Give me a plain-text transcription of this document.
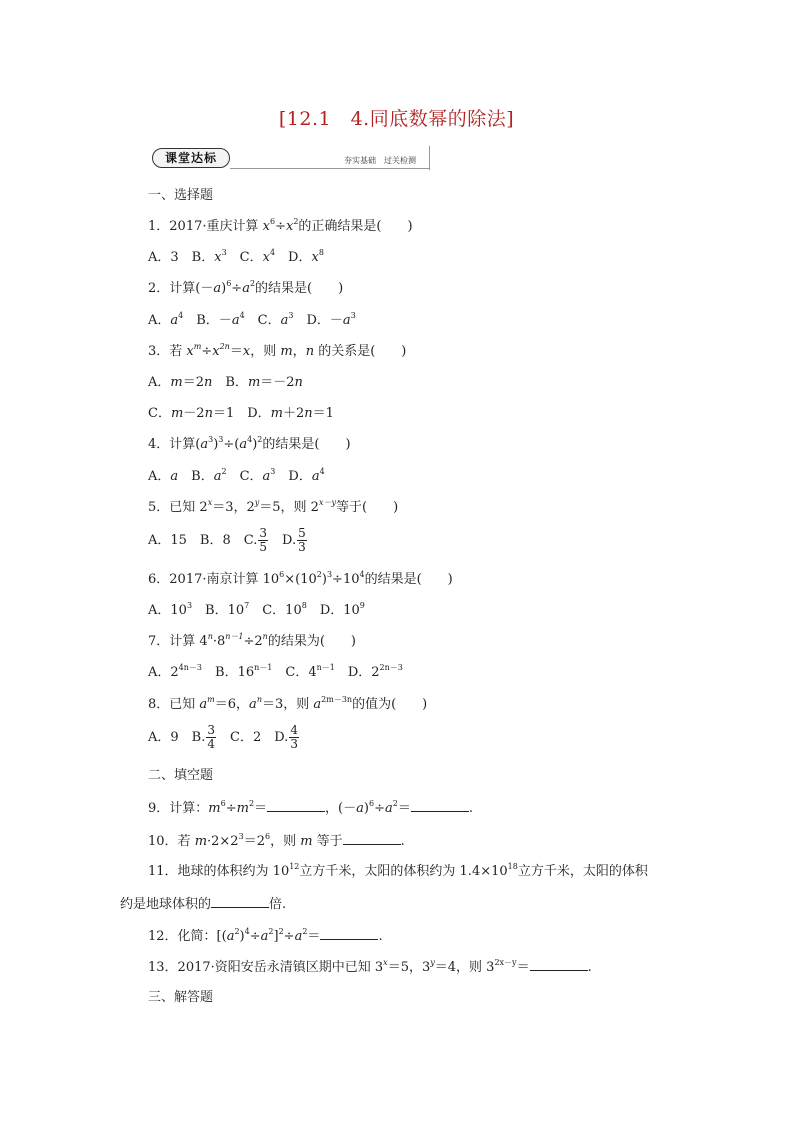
[12.1　4.同底数幂的除法]
课堂达标	夯实基础　过关检测
一、选择题
1．2017·重庆计算 $x^6\div x^2$的正确结果是(　　)
A．3　B．$x^3$　C．$x^4$　D．$x^8$
2．计算$(-a)^6\div a^2$的结果是(　　)
A．$a^4$　B．$-a^4$　C．$a^3$　D．$-a^3$
3．若 $x^m\div x^{2n}=x$，则 m，n 的关系是(　　)
A．m＝2n　B．m＝－2n
C．m－2n＝1　D．m＋2n＝1
4．计算$(a^3)^3\div(a^4)^2$的结果是(　　)
A．a　B．$a^2$　C．$a^3$　D．$a^4$
5．已知 $2^x=3$，$2^y=5$，则 $2^{x-y}$等于(　　)
A．15　B．8　C. $\frac{3}{5}$ 　D. $\frac{5}{3}$
6．2017·南京计算 $10^6\times(10^2)^3\div 10^4$的结果是(　　)
A．$10^3$　B．$10^7$　C．$10^8$　D．$10^9$
7．计算 $4^n\cdot 8^{n-1}\div 2^n$的结果为(　　)
A．$2^{4n-3}$　B．$16^{n-1}$　C．$4^{n-1}$　D．$2^{2n-3}$
8．已知 $a^m=6$，$a^n=3$，则 $a^{2m-3n}$的值为(　　)
A．9　B. $\frac{3}{4}$ 　C．2　D. $\frac{4}{3}$
二、填空题
9．计算：$m^6\div m^2=$	，$(-a)^6\div a^2=$	.
10．若 $m\cdot 2\times 2^3=2^6$，则 m 等于	.
11．地球的体积约为 $10^{12}$立方千米，太阳的体积约为 $1.4\times 10^{18}$立方千米，太阳的体积
约是地球体积的	倍.
12．化简：$[(a^2)^4\div a^2]^2\div a^2=$	.
13．2017·资阳安岳永清镇区期中已知 $3^x=5$，$3^y=4$，则 $3^{2x-y}=$	.
三、解答题
